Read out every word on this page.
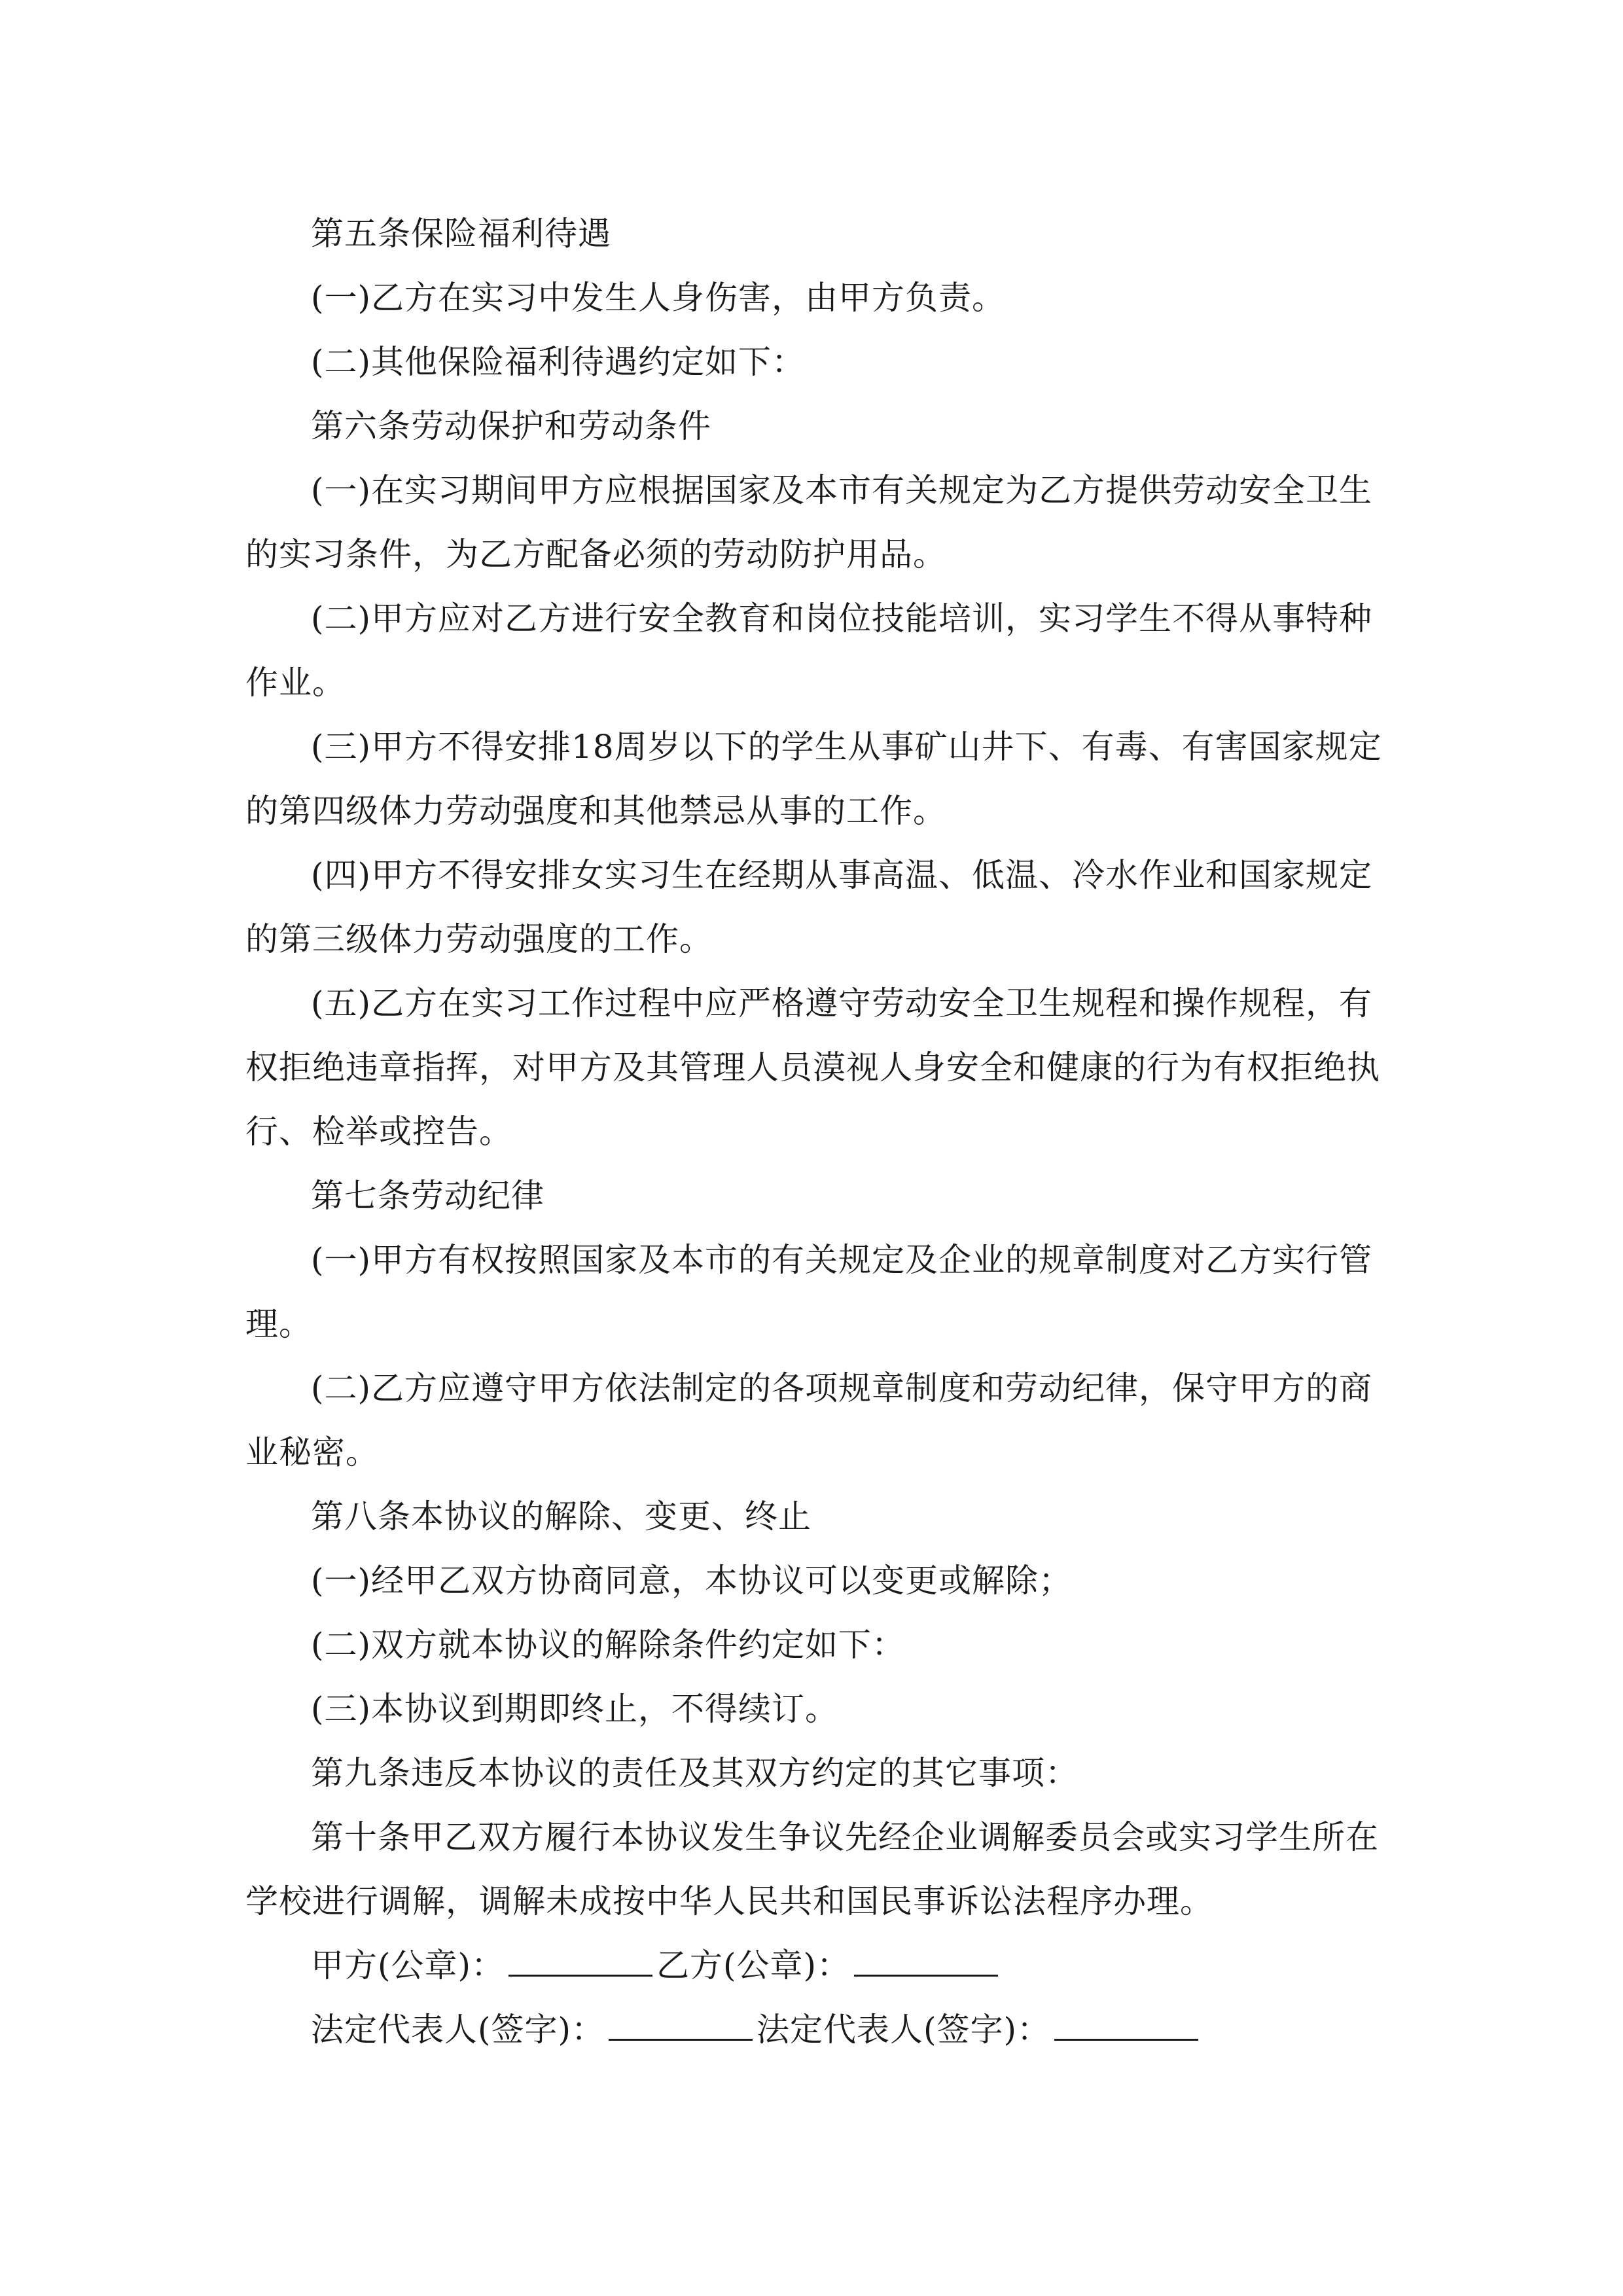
第五条保险福利待遇

(一)乙方在实习中发生人身伤害，由甲方负责。

(二)其他保险福利待遇约定如下：

第六条劳动保护和劳动条件

(一)在实习期间甲方应根据国家及本市有关规定为乙方提供劳动安全卫生的实习条件，为乙方配备必须的劳动防护用品。

(二)甲方应对乙方进行安全教育和岗位技能培训，实习学生不得从事特种作业。

(三)甲方不得安排18周岁以下的学生从事矿山井下、有毒、有害国家规定的第四级体力劳动强度和其他禁忌从事的工作。

(四)甲方不得安排女实习生在经期从事高温、低温、冷水作业和国家规定的第三级体力劳动强度的工作。

(五)乙方在实习工作过程中应严格遵守劳动安全卫生规程和操作规程，有权拒绝违章指挥，对甲方及其管理人员漠视人身安全和健康的行为有权拒绝执行、检举或控告。

第七条劳动纪律

(一)甲方有权按照国家及本市的有关规定及企业的规章制度对乙方实行管理。

(二)乙方应遵守甲方依法制定的各项规章制度和劳动纪律，保守甲方的商业秘密。

第八条本协议的解除、变更、终止

(一)经甲乙双方协商同意，本协议可以变更或解除；

(二)双方就本协议的解除条件约定如下：

(三)本协议到期即终止，不得续订。

第九条违反本协议的责任及其双方约定的其它事项：

第十条甲乙双方履行本协议发生争议先经企业调解委员会或实习学生所在学校进行调解，调解未成按中华人民共和国民事诉讼法程序办理。

甲方(公章)：	乙方(公章)：

法定代表人(签字)：	法定代表人(签字)：
